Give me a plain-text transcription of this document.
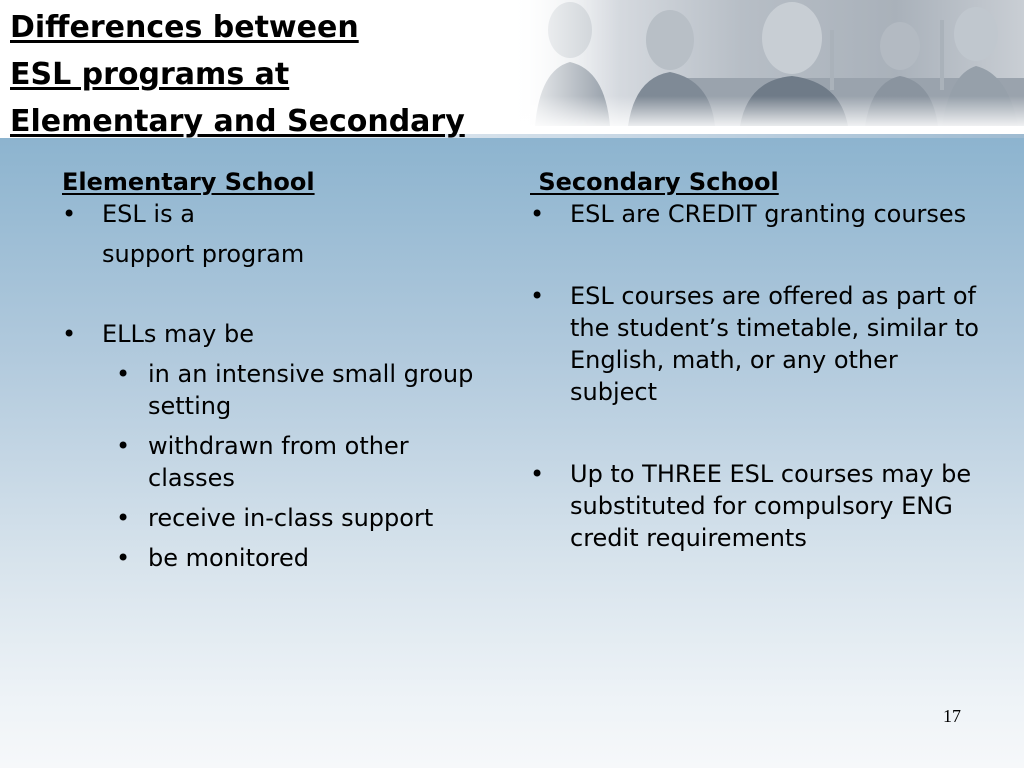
Differences between
ESL programs at
Elementary and Secondary

Elementary School

• ESL is a
support program
• ELLs may be
• in an intensive small group setting
• withdrawn from other classes
• receive in-class support
• be monitored

Secondary School

• ESL are CREDIT granting courses
• ESL courses are offered as part of the student’s timetable, similar to English, math, or any other subject
• Up to THREE ESL courses may be substituted for compulsory ENG credit requirements
17
